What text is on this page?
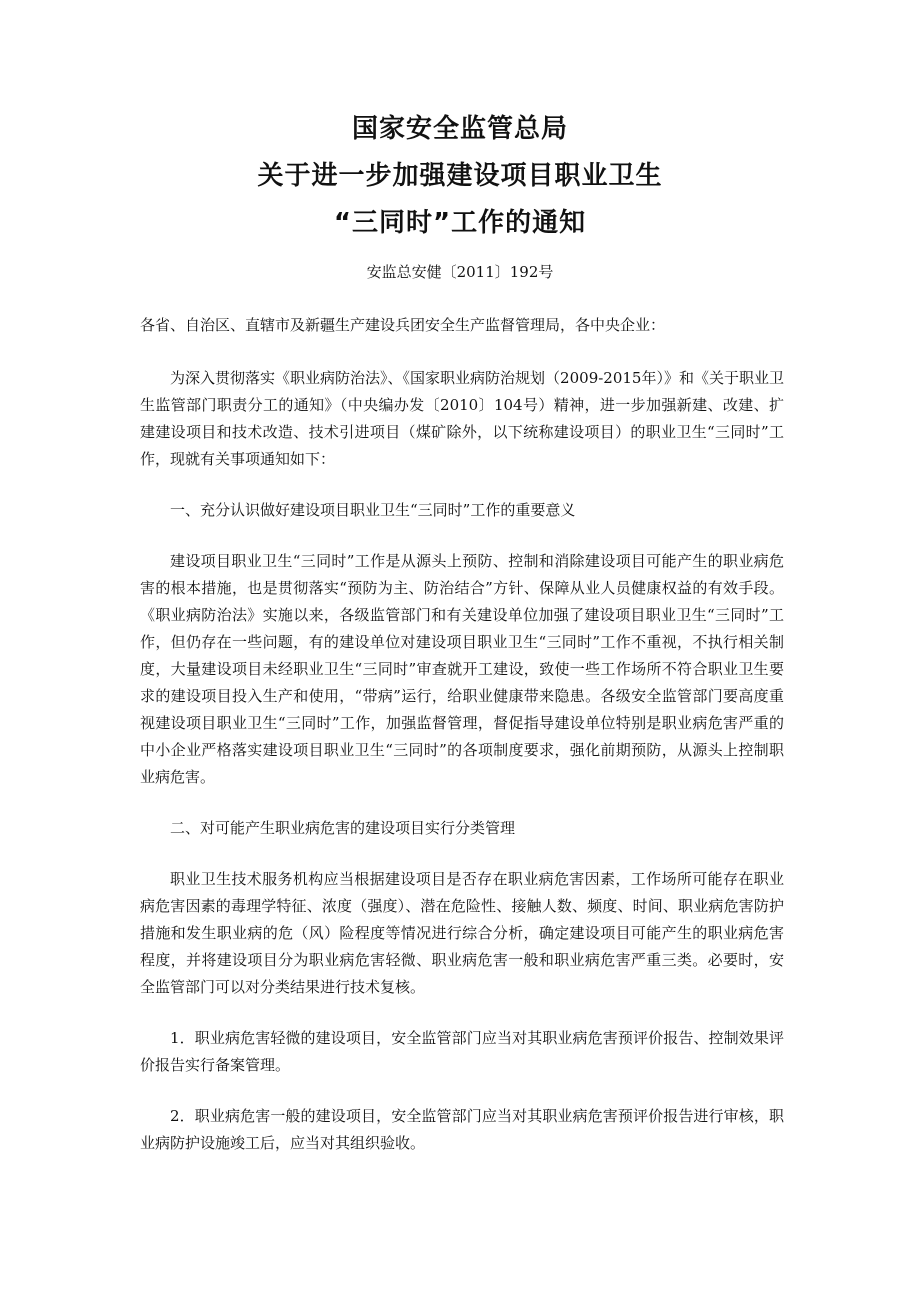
国家安全监管总局
关于进一步加强建设项目职业卫生
“三同时”工作的通知
安监总安健〔2011〕192号

各省、自治区、直辖市及新疆生产建设兵团安全生产监督管理局，各中央企业：

为深入贯彻落实《职业病防治法》、《国家职业病防治规划（2009-2015年）》和《关于职业卫生监管部门职责分工的通知》（中央编办发〔2010〕104号）精神，进一步加强新建、改建、扩建建设项目和技术改造、技术引进项目（煤矿除外，以下统称建设项目）的职业卫生“三同时”工作，现就有关事项通知如下：

一、充分认识做好建设项目职业卫生“三同时”工作的重要意义

建设项目职业卫生“三同时”工作是从源头上预防、控制和消除建设项目可能产生的职业病危害的根本措施，也是贯彻落实“预防为主、防治结合”方针、保障从业人员健康权益的有效手段。《职业病防治法》实施以来，各级监管部门和有关建设单位加强了建设项目职业卫生“三同时”工作，但仍存在一些问题，有的建设单位对建设项目职业卫生“三同时”工作不重视，不执行相关制度，大量建设项目未经职业卫生“三同时”审查就开工建设，致使一些工作场所不符合职业卫生要求的建设项目投入生产和使用，“带病”运行，给职业健康带来隐患。各级安全监管部门要高度重视建设项目职业卫生“三同时”工作，加强监督管理，督促指导建设单位特别是职业病危害严重的中小企业严格落实建设项目职业卫生“三同时”的各项制度要求，强化前期预防，从源头上控制职业病危害。

二、对可能产生职业病危害的建设项目实行分类管理

职业卫生技术服务机构应当根据建设项目是否存在职业病危害因素，工作场所可能存在职业病危害因素的毒理学特征、浓度（强度）、潜在危险性、接触人数、频度、时间、职业病危害防护措施和发生职业病的危（风）险程度等情况进行综合分析，确定建设项目可能产生的职业病危害程度，并将建设项目分为职业病危害轻微、职业病危害一般和职业病危害严重三类。必要时，安全监管部门可以对分类结果进行技术复核。

1．职业病危害轻微的建设项目，安全监管部门应当对其职业病危害预评价报告、控制效果评价报告实行备案管理。

2．职业病危害一般的建设项目，安全监管部门应当对其职业病危害预评价报告进行审核，职业病防护设施竣工后，应当对其组织验收。
